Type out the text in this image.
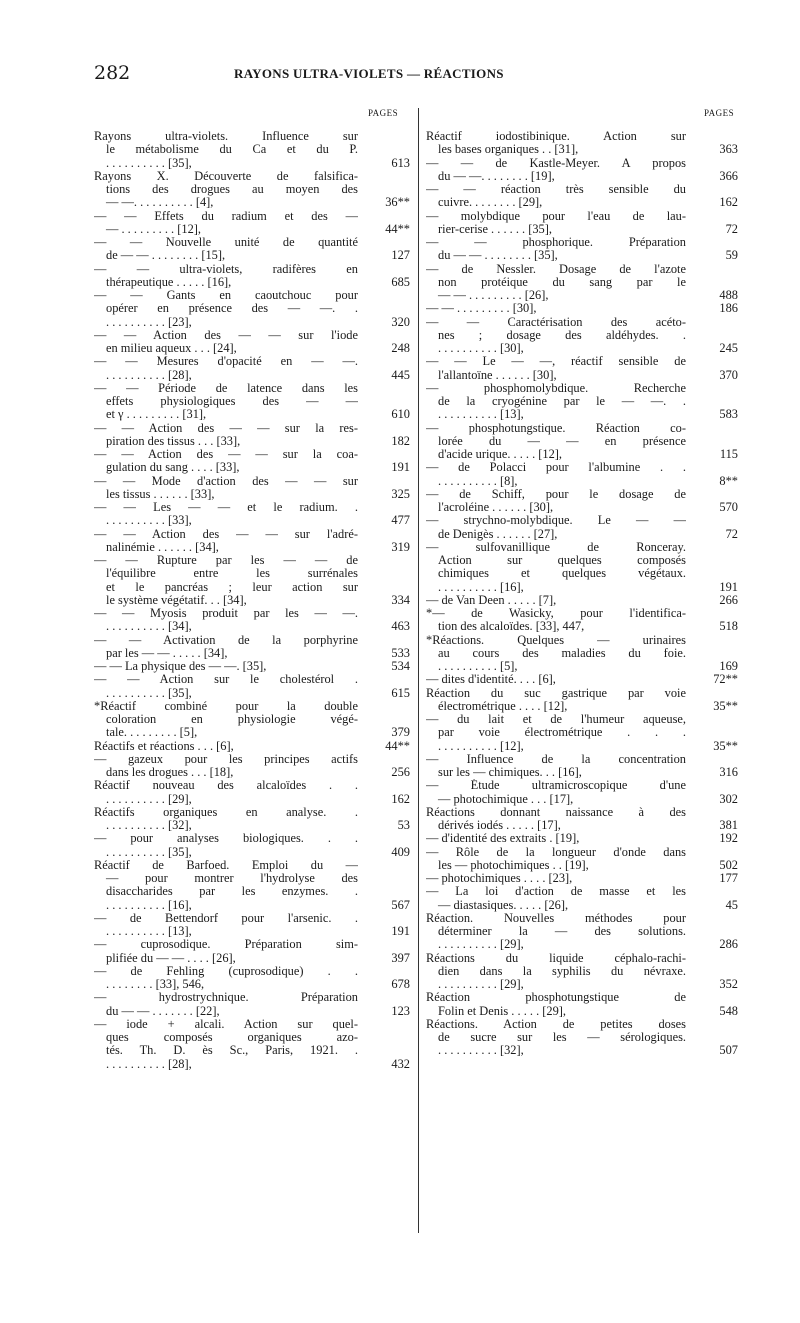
282	RAYONS ULTRA-VIOLETS — RÉACTIONS
PAGES
Rayons ultra-violets. Influence sur
le métabolisme du Ca et du P.
. . . . . . . . . . [35],	613
Rayons X. Découverte de falsifica-
tions des drogues au moyen des
— —. . . . . . . . . . [4],	36**
— — Effets du radium et des —
— . . . . . . . . . [12],	44**
— — Nouvelle unité de quantité
de — — . . . . . . . . [15],	127
— — ultra-violets, radifères en
thérapeutique . . . . . [16],	685
— — Gants en caoutchouc pour
opérer en présence des — —. .
. . . . . . . . . . [23],	320
— — Action des — — sur l'iode
en milieu aqueux . . . [24],	248
— — Mesures d'opacité en — —.
. . . . . . . . . . [28],	445
— — Période de latence dans les
effets physiologiques des — —
et γ . . . . . . . . . [31],	610
— — Action des — — sur la res-
piration des tissus . . . [33],	182
— — Action des — — sur la coa-
gulation du sang . . . . [33],	191
— — Mode d'action des — — sur
les tissus . . . . . . [33],	325
— — Les — — et le radium. .
. . . . . . . . . . [33],	477
— — Action des — — sur l'adré-
nalinémie . . . . . . [34],	319
— — Rupture par les — — de
l'équilibre entre les surrénales
et le pancréas ; leur action sur
le système végétatif. . . [34],	334
— — Myosis produit par les — —.
. . . . . . . . . . [34],	463
— — Activation de la porphyrine
par les — — . . . . . [34],	533
— — La physique des — —. [35],	534
— — Action sur le cholestérol .
. . . . . . . . . . [35],	615
*Réactif combiné pour la double
coloration en physiologie végé-
tale. . . . . . . . . [5],	379
Réactifs et réactions . . . [6],	44**
— gazeux pour les principes actifs
dans les drogues . . . [18],	256
Réactif nouveau des alcaloïdes . .
. . . . . . . . . . [29],	162
Réactifs organiques en analyse. .
. . . . . . . . . . [32],	53
— pour analyses biologiques. . .
. . . . . . . . . . [35],	409
Réactif de Barfoed. Emploi du —
— pour montrer l'hydrolyse des
disaccharides par les enzymes. .
. . . . . . . . . . [16],	567
— de Bettendorf pour l'arsenic. .
. . . . . . . . . . [13],	191
— cuprosodique. Préparation sim-
plifiée du — — . . . . [26],	397
— de Fehling (cuprosodique) . .
. . . . . . . . [33], 546,	678
— hydrostrychnique. Préparation
du — — . . . . . . . [22],	123
— iode + alcali. Action sur quel-
ques composés organiques azo-
tés. Th. D. ès Sc., Paris, 1921. .
. . . . . . . . . . [28],	432
PAGES
Réactif iodostibinique. Action sur
les bases organiques . . [31],	363
— — de Kastle-Meyer. A propos
du — —. . . . . . . . [19],	366
— — réaction très sensible du
cuivre. . . . . . . . [29],	162
— molybdique pour l'eau de lau-
rier-cerise . . . . . . [35],	72
— — phosphorique. Préparation
du — — . . . . . . . . [35],	59
— de Nessler. Dosage de l'azote
non protéique du sang par le
— — . . . . . . . . . [26],	488
— — . . . . . . . . . [30],	186
— — Caractérisation des acéto-
nes ; dosage des aldéhydes. .
. . . . . . . . . . [30],	245
— — Le — —, réactif sensible de
l'allantoïne . . . . . . [30],	370
— phosphomolybdique. Recherche
de la cryogénine par le — —. .
. . . . . . . . . . [13],	583
— phosphotungstique. Réaction co-
lorée du — — en présence
d'acide urique. . . . . [12],	115
— de Polacci pour l'albumine . .
. . . . . . . . . . [8],	8**
— de Schiff, pour le dosage de
l'acroléine . . . . . . [30],	570
— strychno-molybdique. Le — —
de Denigès . . . . . . [27],	72
— sulfovanillique de Ronceray.
Action sur quelques composés
chimiques et quelques végétaux.
. . . . . . . . . . [16],	191
— de Van Deen . . . . . [7],	266
*— de Wasicky, pour l'identifica-
tion des alcaloïdes. [33], 447,	518
*Réactions. Quelques — urinaires
au cours des maladies du foie.
. . . . . . . . . . [5],	169
— dites d'identité. . . . [6],	72**
Réaction du suc gastrique par voie
électrométrique . . . . [12],	35**
— du lait et de l'humeur aqueuse,
par voie électrométrique . . .
. . . . . . . . . . [12],	35**
— Influence de la concentration
sur les — chimiques. . . [16],	316
— Étude ultramicroscopique d'une
— photochimique . . . [17],	302
Réactions donnant naissance à des
dérivés iodés . . . . . [17],	381
— d'identité des extraits . [19],	192
— Rôle de la longueur d'onde dans
les — photochimiques . . [19],	502
— photochimiques . . . . [23],	177
— La loi d'action de masse et les
— diastasiques. . . . . [26],	45
Réaction. Nouvelles méthodes pour
déterminer la — des solutions.
. . . . . . . . . . [29],	286
Réactions du liquide céphalo-rachi-
dien dans la syphilis du névraxe.
. . . . . . . . . . [29],	352
Réaction phosphotungstique de
Folin et Denis . . . . . [29],	548
Réactions. Action de petites doses
de sucre sur les — sérologiques.
. . . . . . . . . . [32],	507
